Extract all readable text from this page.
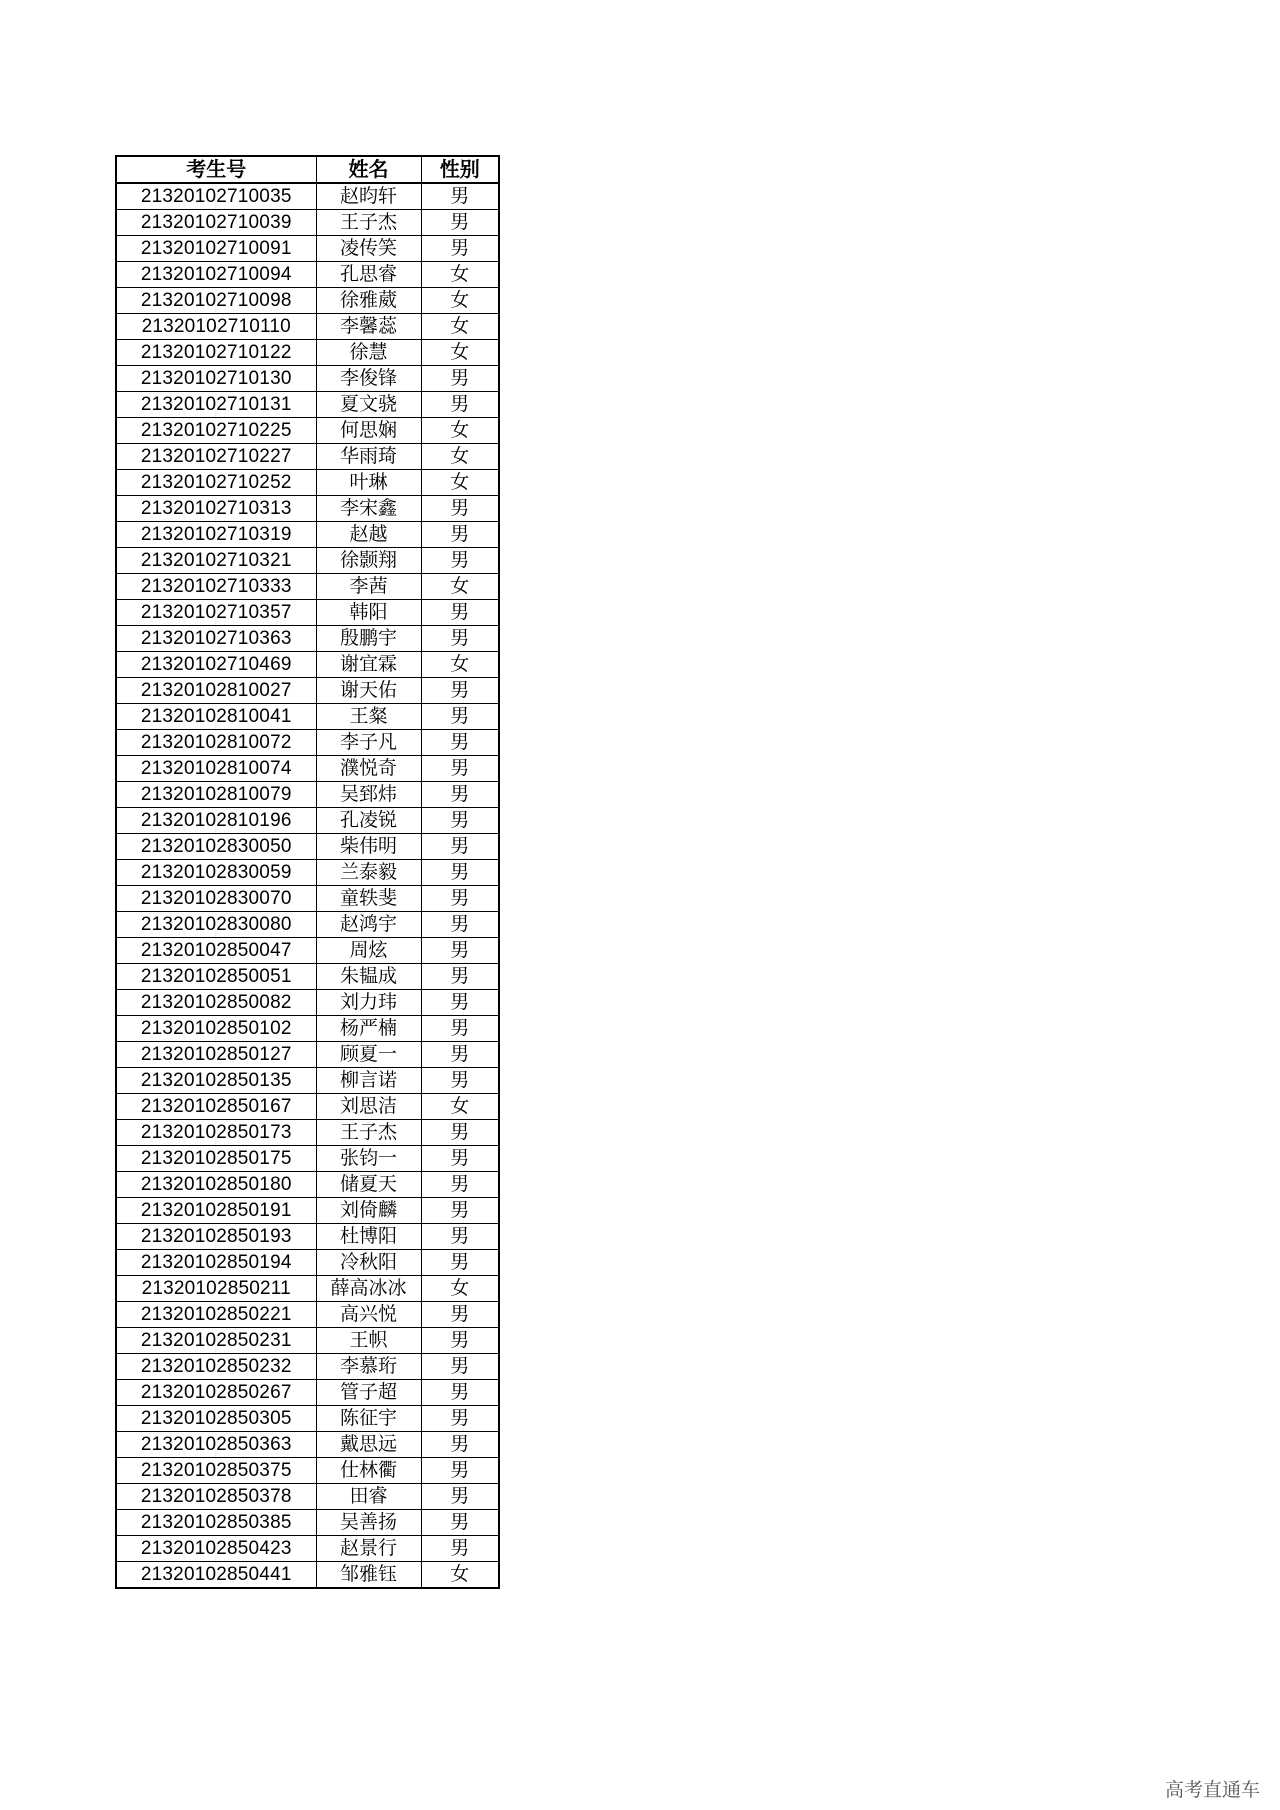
考生号	姓名	性别
21320102710035	赵昀轩	男
21320102710039	王子杰	男
21320102710091	凌传笑	男
21320102710094	孔思睿	女
21320102710098	徐雅葳	女
21320102710110	李馨蕊	女
21320102710122	徐慧	女
21320102710130	李俊锋	男
21320102710131	夏文骁	男
21320102710225	何思娴	女
21320102710227	华雨琦	女
21320102710252	叶琳	女
21320102710313	李宋鑫	男
21320102710319	赵越	男
21320102710321	徐颢翔	男
21320102710333	李茜	女
21320102710357	韩阳	男
21320102710363	殷鹏宇	男
21320102710469	谢宜霖	女
21320102810027	谢天佑	男
21320102810041	王粲	男
21320102810072	李子凡	男
21320102810074	濮悦奇	男
21320102810079	吴郅炜	男
21320102810196	孔凌锐	男
21320102830050	柴伟明	男
21320102830059	兰泰毅	男
21320102830070	童轶斐	男
21320102830080	赵鸿宇	男
21320102850047	周炫	男
21320102850051	朱韫成	男
21320102850082	刘力玮	男
21320102850102	杨严楠	男
21320102850127	顾夏一	男
21320102850135	柳言诺	男
21320102850167	刘思洁	女
21320102850173	王子杰	男
21320102850175	张钧一	男
21320102850180	储夏天	男
21320102850191	刘倚麟	男
21320102850193	杜博阳	男
21320102850194	冷秋阳	男
21320102850211	薛高冰冰	女
21320102850221	高兴悦	男
21320102850231	王帜	男
21320102850232	李慕珩	男
21320102850267	管子超	男
21320102850305	陈征宇	男
21320102850363	戴思远	男
21320102850375	仕林衢	男
21320102850378	田睿	男
21320102850385	吴善扬	男
21320102850423	赵景行	男
21320102850441	邹雅钰	女
高考直通车
